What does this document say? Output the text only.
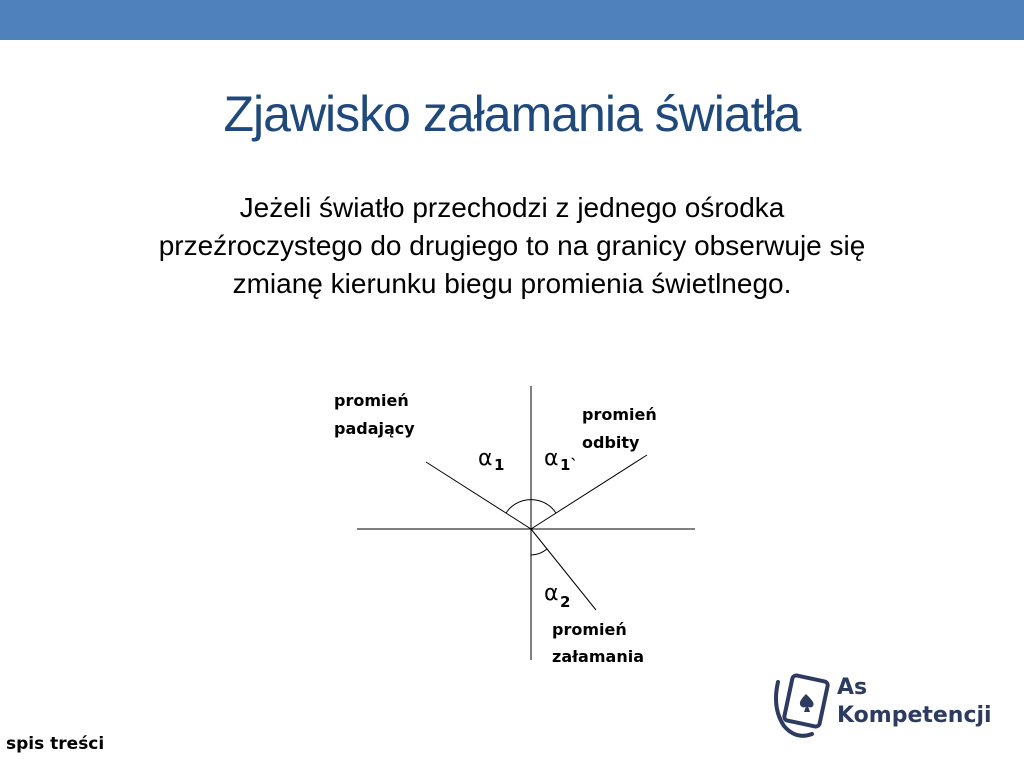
Zjawisko załamania światła
Jeżeli światło przechodzi z jednego ośrodka
przeźroczystego do drugiego to na granicy obserwuje się
zmianę kierunku biegu promienia świetlnego.
promień
padający
promień
odbity
promień
załamania
α 1 α 1`
α 2
As
Kompetencji
spis treści
